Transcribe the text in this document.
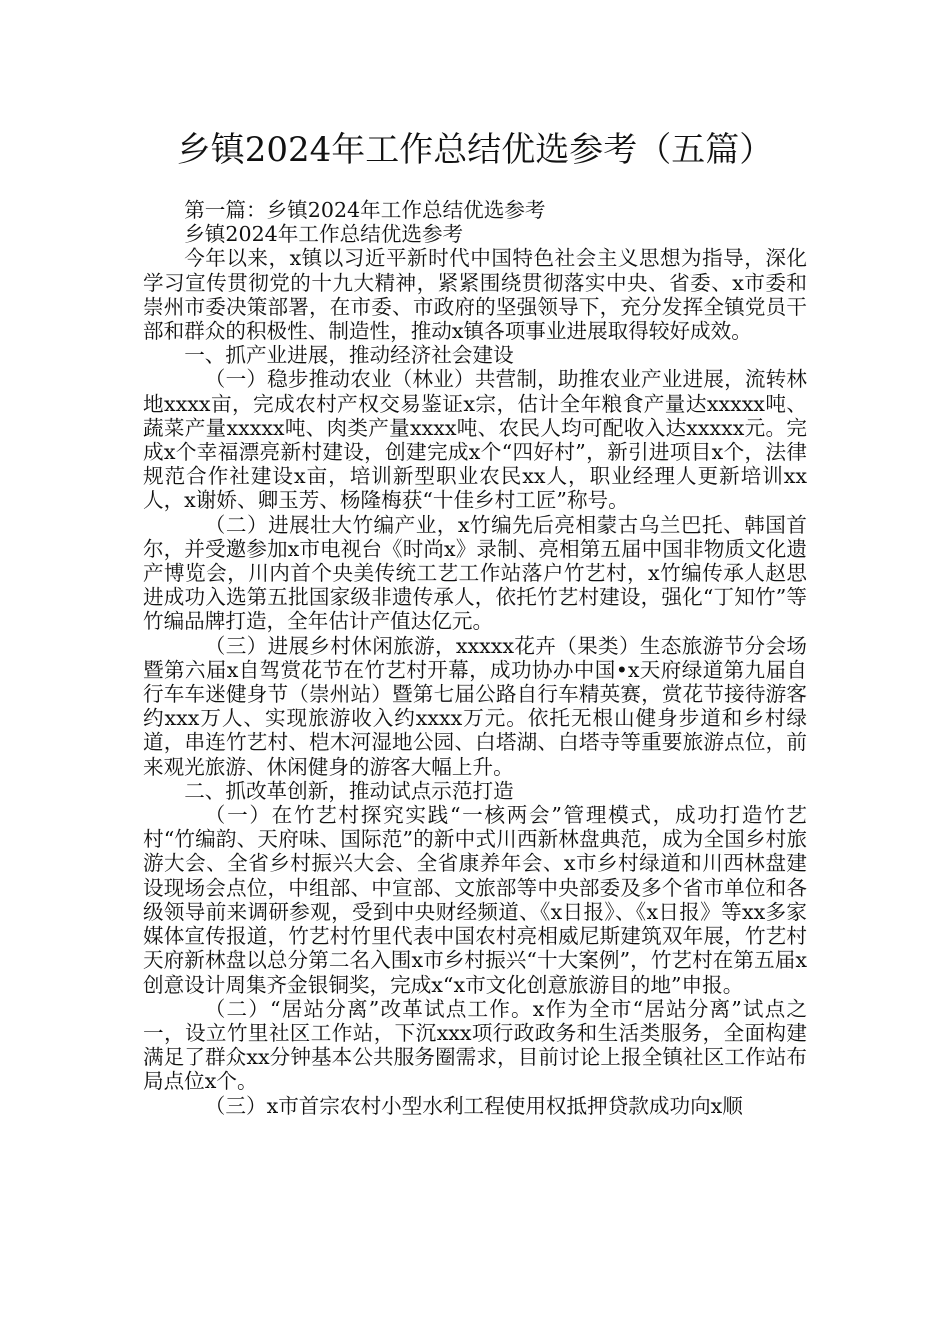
乡镇2024年工作总结优选参考（五篇）

第一篇：乡镇2024年工作总结优选参考

乡镇2024年工作总结优选参考

今年以来，x镇以习近平新时代中国特色社会主义思想为指导，深化学习宣传贯彻党的十九大精神，紧紧围绕贯彻落实中央、省委、x市委和崇州市委决策部署，在市委、市政府的坚强领导下，充分发挥全镇党员干部和群众的积极性、制造性，推动x镇各项事业进展取得较好成效。

一、抓产业进展，推动经济社会建设

（一）稳步推动农业（林业）共营制，助推农业产业进展，流转林地xxxx亩，完成农村产权交易鉴证x宗，估计全年粮食产量达xxxxx吨、蔬菜产量xxxxx吨、肉类产量xxxx吨、农民人均可配收入达xxxxx元。完成x个幸福漂亮新村建设，创建完成x个“四好村”，新引进项目x个，法律规范合作社建设x亩，培训新型职业农民xx人，职业经理人更新培训xx人，x谢娇、卿玉芳、杨隆梅获“十佳乡村工匠”称号。

（二）进展壮大竹编产业，x竹编先后亮相蒙古乌兰巴托、韩国首尔，并受邀参加x市电视台《时尚x》录制、亮相第五届中国非物质文化遗产博览会，川内首个央美传统工艺工作站落户竹艺村，x竹编传承人赵思进成功入选第五批国家级非遗传承人，依托竹艺村建设，强化“丁知竹”等竹编品牌打造，全年估计产值达亿元。

（三）进展乡村休闲旅游，xxxxx花卉（果类）生态旅游节分会场暨第六届x自驾赏花节在竹艺村开幕，成功协办中国•x天府绿道第九届自行车车迷健身节（崇州站）暨第七届公路自行车精英赛，赏花节接待游客约xxx万人、实现旅游收入约xxxx万元。依托无根山健身步道和乡村绿道，串连竹艺村、桤木河湿地公园、白塔湖、白塔寺等重要旅游点位，前来观光旅游、休闲健身的游客大幅上升。

二、抓改革创新，推动试点示范打造

（一）在竹艺村探究实践“一核两会”管理模式，成功打造竹艺村“竹编韵、天府味、国际范”的新中式川西新林盘典范，成为全国乡村旅游大会、全省乡村振兴大会、全省康养年会、x市乡村绿道和川西林盘建设现场会点位，中组部、中宣部、文旅部等中央部委及多个省市单位和各级领导前来调研参观，受到中央财经频道、《x日报》、《x日报》等xx多家媒体宣传报道，竹艺村竹里代表中国农村亮相威尼斯建筑双年展，竹艺村天府新林盘以总分第二名入围x市乡村振兴“十大案例”，竹艺村在第五届x创意设计周集齐金银铜奖，完成x“x市文化创意旅游目的地”申报。

（二）“居站分离”改革试点工作。x作为全市“居站分离”试点之一，设立竹里社区工作站，下沉xxx项行政政务和生活类服务，全面构建满足了群众xx分钟基本公共服务圈需求，目前讨论上报全镇社区工作站布局点位x个。

（三）x市首宗农村小型水利工程使用权抵押贷款成功向x顺
